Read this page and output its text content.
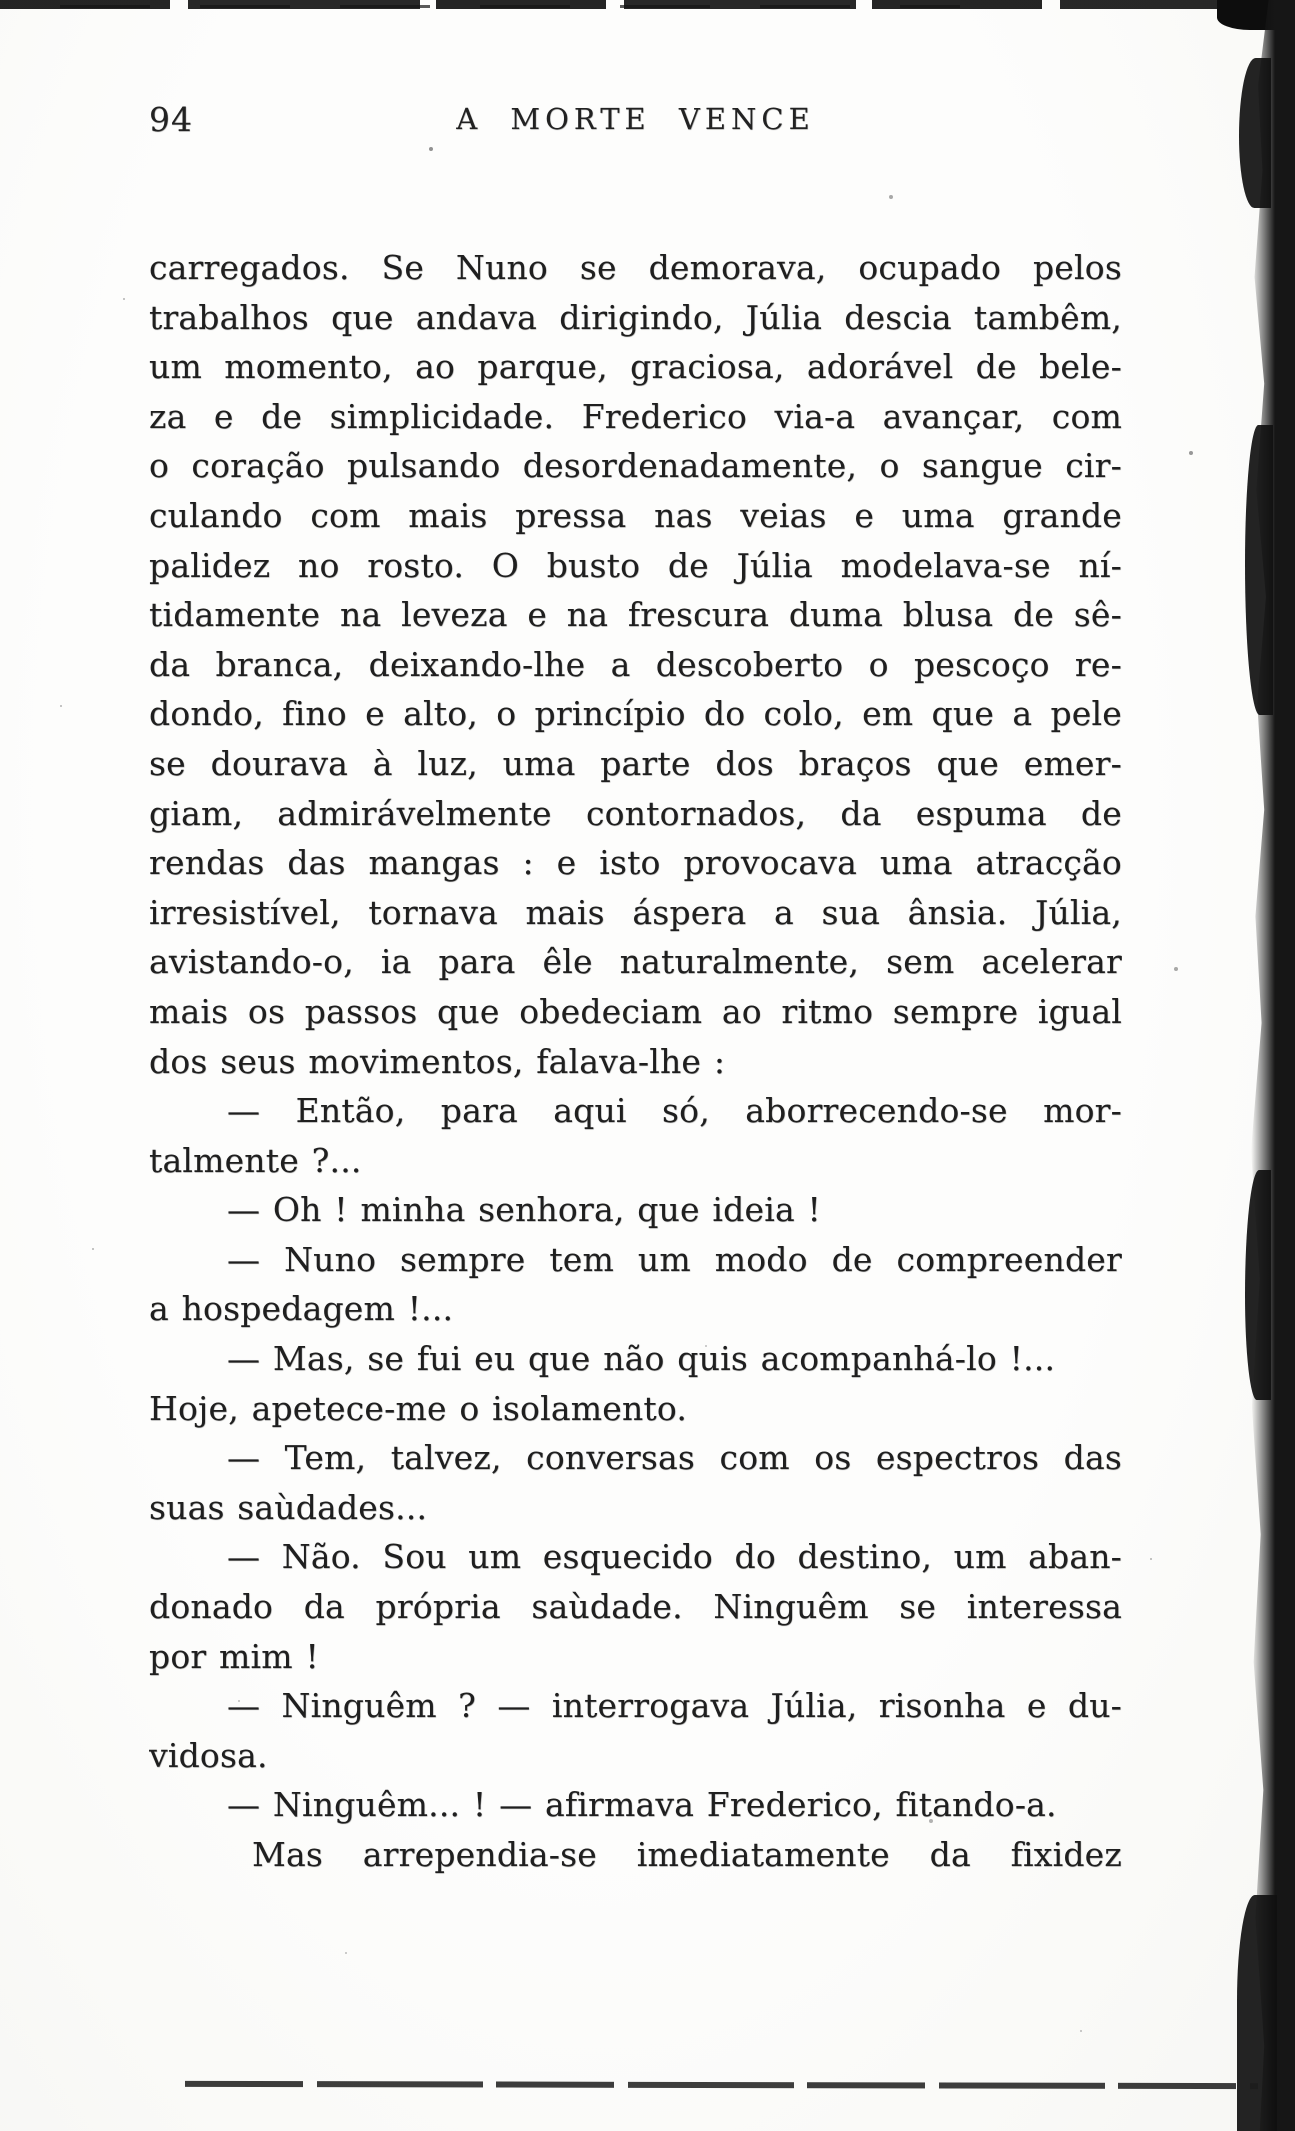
94	A MORTE VENCE
carregados. Se Nuno se demorava, ocupado pelos
trabalhos que andava dirigindo, Júlia descia tambêm,
um momento, ao parque, graciosa, adorável de bele-
za e de simplicidade. Frederico via-a avançar, com
o coração pulsando desordenadamente, o sangue cir-
culando com mais pressa nas veias e uma grande
palidez no rosto. O busto de Júlia modelava-se ní-
tidamente na leveza e na frescura duma blusa de sê-
da branca, deixando-lhe a descoberto o pescoço re-
dondo, fino e alto, o princípio do colo, em que a pele
se dourava à luz, uma parte dos braços que emer-
giam, admirávelmente contornados, da espuma de
rendas das mangas : e isto provocava uma atracção
irresistível, tornava mais áspera a sua ânsia. Júlia,
avistando-o, ia para êle naturalmente, sem acelerar
mais os passos que obedeciam ao ritmo sempre igual
dos seus movimentos, falava-lhe :
— Então, para aqui só, aborrecendo-se mor-
talmente ?...
— Oh ! minha senhora, que ideia !
— Nuno sempre tem um modo de compreender
a hospedagem !...
— Mas, se fui eu que não quis acompanhá-lo !...
Hoje, apetece-me o isolamento.
— Tem, talvez, conversas com os espectros das
suas saùdades...
— Não. Sou um esquecido do destino, um aban-
donado da própria saùdade. Ninguêm se interessa
por mim !
— Ninguêm ? — interrogava Júlia, risonha e du-
vidosa.
— Ninguêm... ! — afirmava Frederico, fitando-a.
Mas arrependia-se imediatamente da fixidez
